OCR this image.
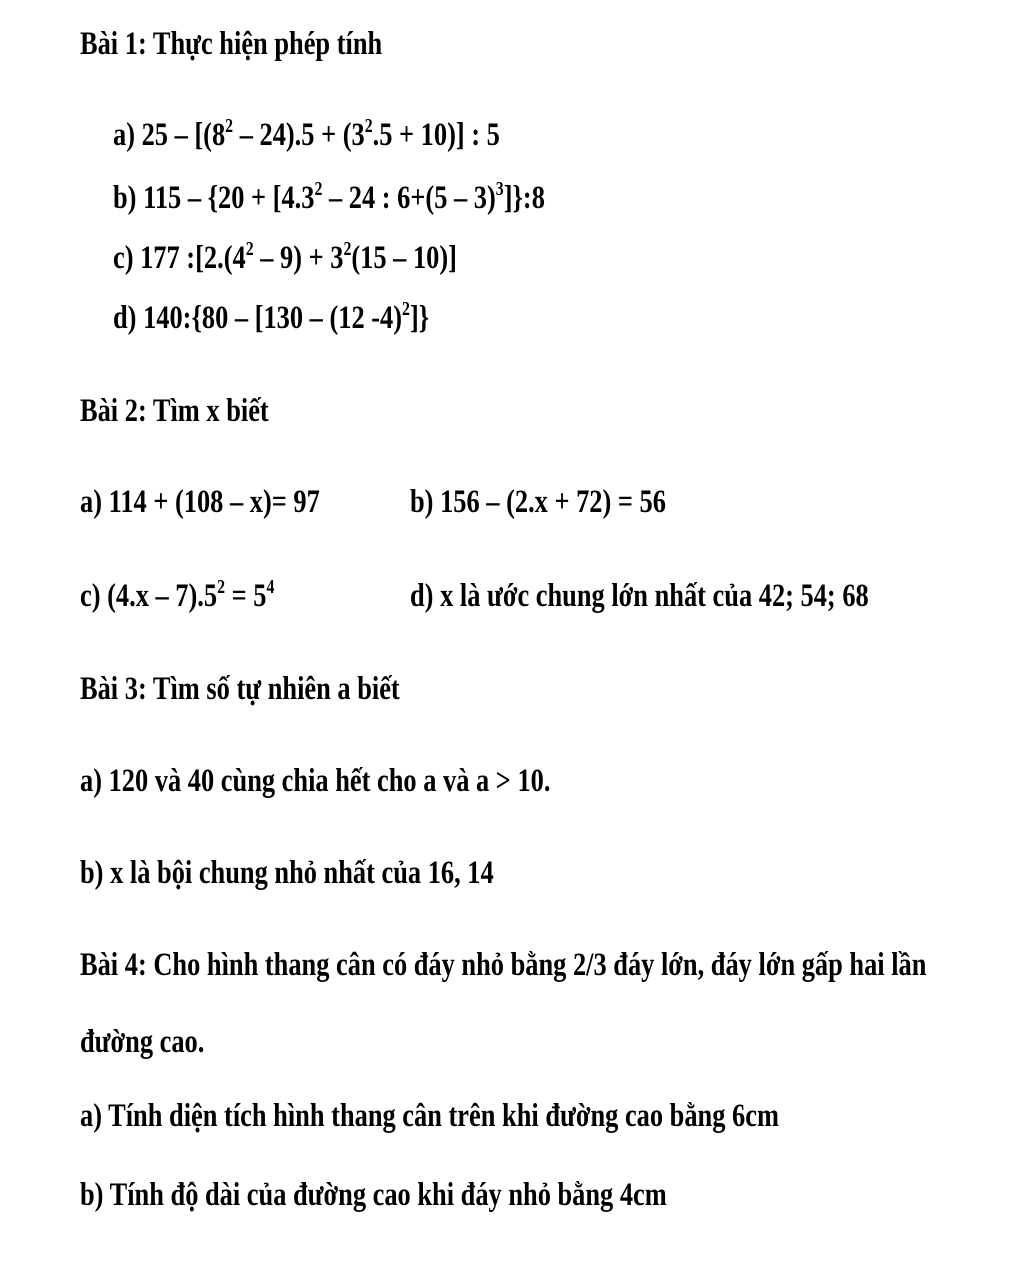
Bài 1: Thực hiện phép tính
a) $25 - [(8^2 - 24).5 + (3^2.5 + 10)]$ : 5
b) $115 - \{20 + [4.3^2 - 24$ : 6+(5 – 3)$^3$]}:8
c) 177 $:[2.(4^2 - 9) + 3^2(15 - 10)]$
d) 140:{80 – [130 – (12 -4)$^2$]}
Bài 2: Tìm x biết
a) 114 + (108 – x)= 97	b) 156 – (2.x + 72) = 56
c) $(4.x - 7).5^2 = 5^4$	d) x là ước chung lớn nhất của 42; 54; 68
Bài 3: Tìm số tự nhiên a biết
a) 120 và 40 cùng chia hết cho a và a > 10.
b) x là bội chung nhỏ nhất của 16, 14
Bài 4: Cho hình thang cân có đáy nhỏ bằng 2/3 đáy lớn, đáy lớn gấp hai lần
đường cao.
a) Tính diện tích hình thang cân trên khi đường cao bằng 6cm
b) Tính độ dài của đường cao khi đáy nhỏ bằng 4cm
